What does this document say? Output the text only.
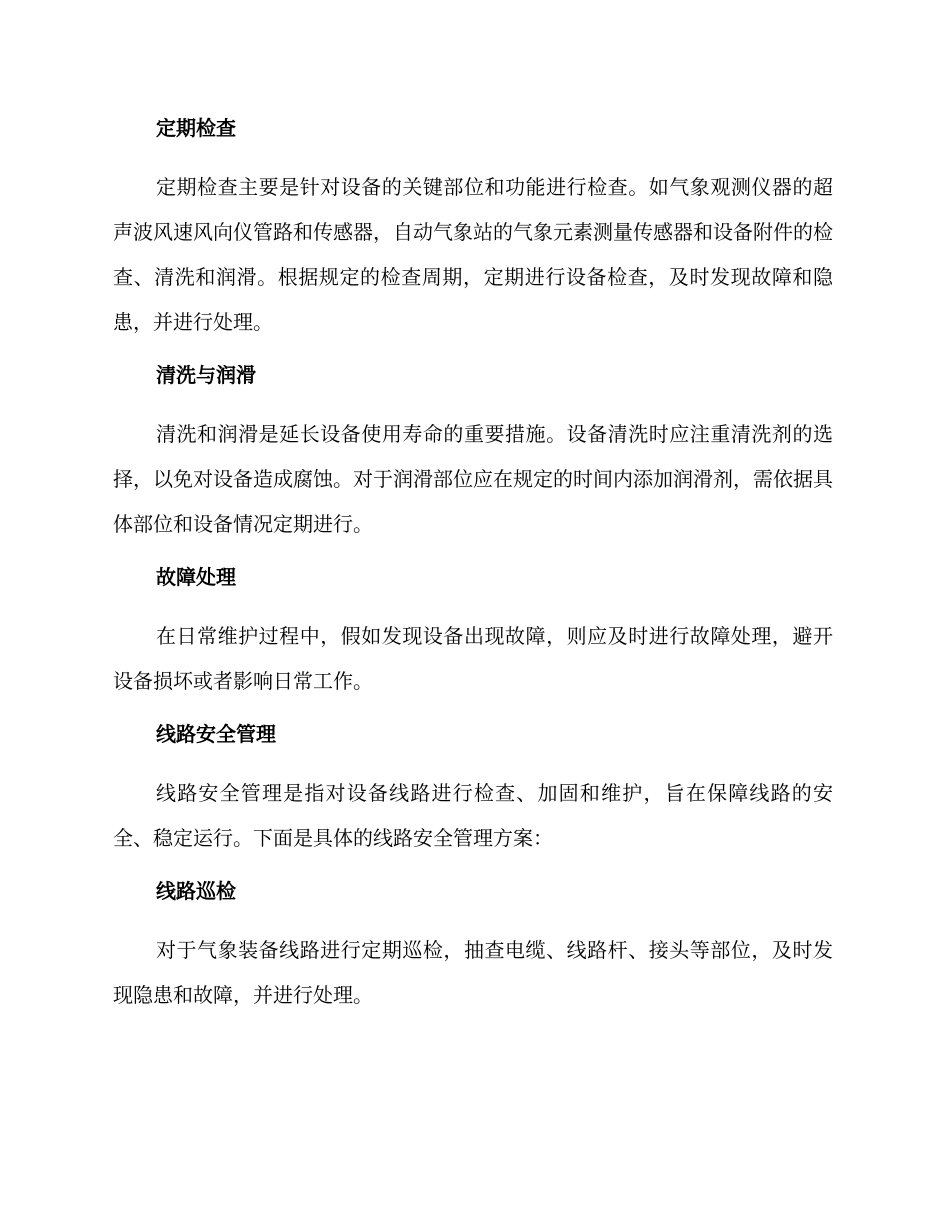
定期检查

定期检查主要是针对设备的关键部位和功能进行检查。如气象观测仪器的超声波风速风向仪管路和传感器，自动气象站的气象元素测量传感器和设备附件的检查、清洗和润滑。根据规定的检查周期，定期进行设备检查，及时发现故障和隐患，并进行处理。

清洗与润滑

清洗和润滑是延长设备使用寿命的重要措施。设备清洗时应注重清洗剂的选择，以免对设备造成腐蚀。对于润滑部位应在规定的时间内添加润滑剂，需依据具体部位和设备情况定期进行。

故障处理

在日常维护过程中，假如发现设备出现故障，则应及时进行故障处理，避开设备损坏或者影响日常工作。

线路安全管理

线路安全管理是指对设备线路进行检查、加固和维护，旨在保障线路的安全、稳定运行。下面是具体的线路安全管理方案：

线路巡检

对于气象装备线路进行定期巡检，抽查电缆、线路杆、接头等部位，及时发现隐患和故障，并进行处理。
